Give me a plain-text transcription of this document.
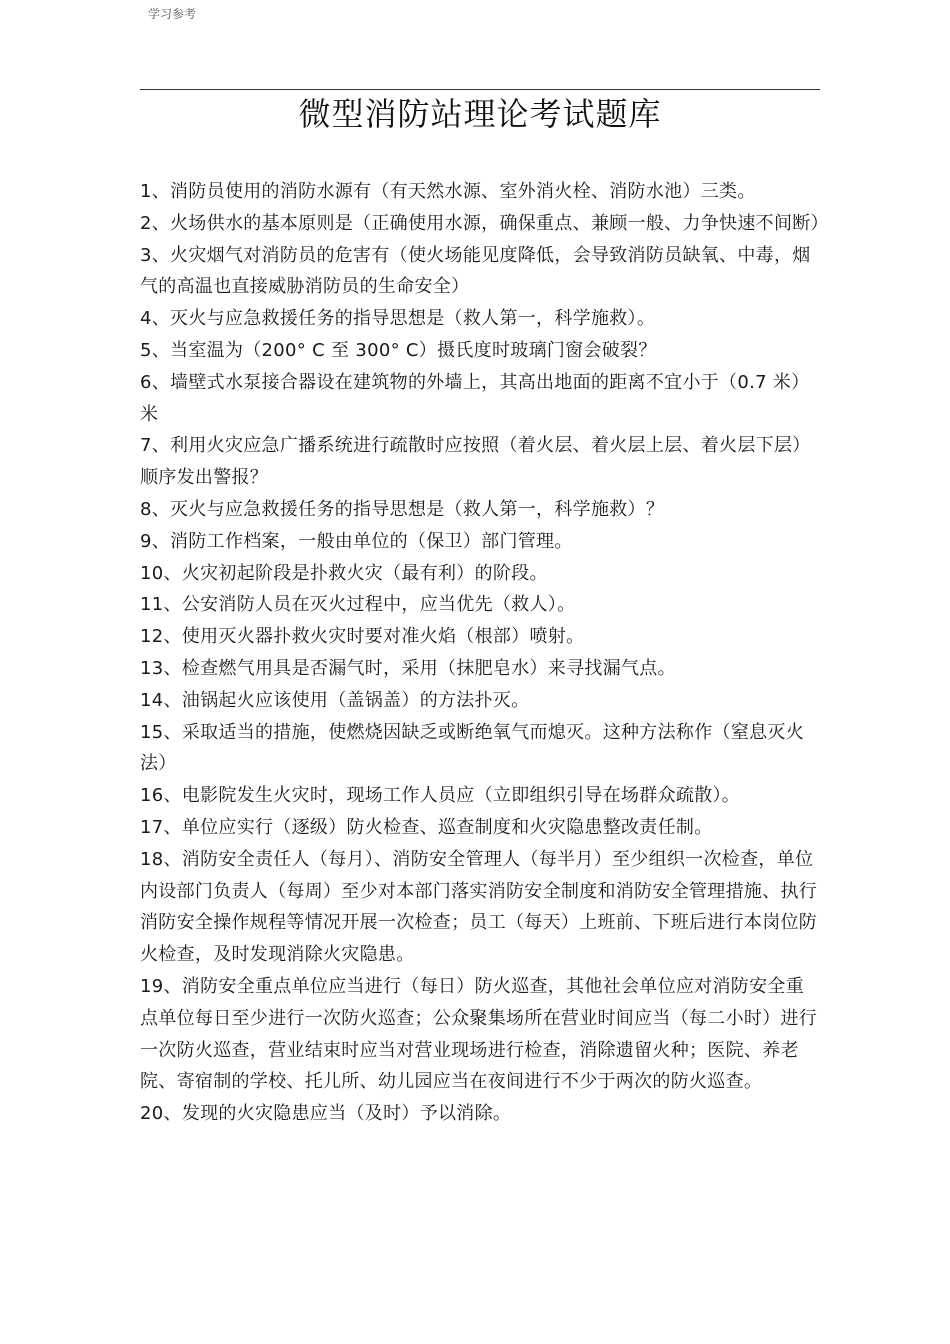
学习参考
微型消防站理论考试题库
1、消防员使用的消防水源有（有天然水源、室外消火栓、消防水池）三类。
2、火场供水的基本原则是（正确使用水源，确保重点、兼顾一般、力争快速不间断）
3、火灾烟气对消防员的危害有（使火场能见度降低，会导致消防员缺氧、中毒，烟气的高温也直接威胁消防员的生命安全）
4、灭火与应急救援任务的指导思想是（救人第一，科学施救）。
5、当室温为（200° C 至 300° C）摄氏度时玻璃门窗会破裂？
6、墙壁式水泵接合器设在建筑物的外墙上，其高出地面的距离不宜小于（0.7 米）米
7、利用火灾应急广播系统进行疏散时应按照（着火层、着火层上层、着火层下层）顺序发出警报？
8、灭火与应急救援任务的指导思想是（救人第一，科学施救）？
9、消防工作档案，一般由单位的（保卫）部门管理。
10、火灾初起阶段是扑救火灾（最有利）的阶段。
11、公安消防人员在灭火过程中，应当优先（救人）。
12、使用灭火器扑救火灾时要对准火焰（根部）喷射。
13、检查燃气用具是否漏气时，采用（抹肥皂水）来寻找漏气点。
14、油锅起火应该使用（盖锅盖）的方法扑灭。
15、采取适当的措施，使燃烧因缺乏或断绝氧气而熄灭。这种方法称作（窒息灭火法）
16、电影院发生火灾时，现场工作人员应（立即组织引导在场群众疏散）。
17、单位应实行（逐级）防火检查、巡查制度和火灾隐患整改责任制。
18、消防安全责任人（每月）、消防安全管理人（每半月）至少组织一次检查，单位内设部门负责人（每周）至少对本部门落实消防安全制度和消防安全管理措施、执行消防安全操作规程等情况开展一次检查；员工（每天）上班前、下班后进行本岗位防火检查，及时发现消除火灾隐患。
19、消防安全重点单位应当进行（每日）防火巡查，其他社会单位应对消防安全重点单位每日至少进行一次防火巡查；公众聚集场所在营业时间应当（每二小时）进行一次防火巡查，营业结束时应当对营业现场进行检查，消除遗留火种；医院、养老院、寄宿制的学校、托儿所、幼儿园应当在夜间进行不少于两次的防火巡查。
20、发现的火灾隐患应当（及时）予以消除。
